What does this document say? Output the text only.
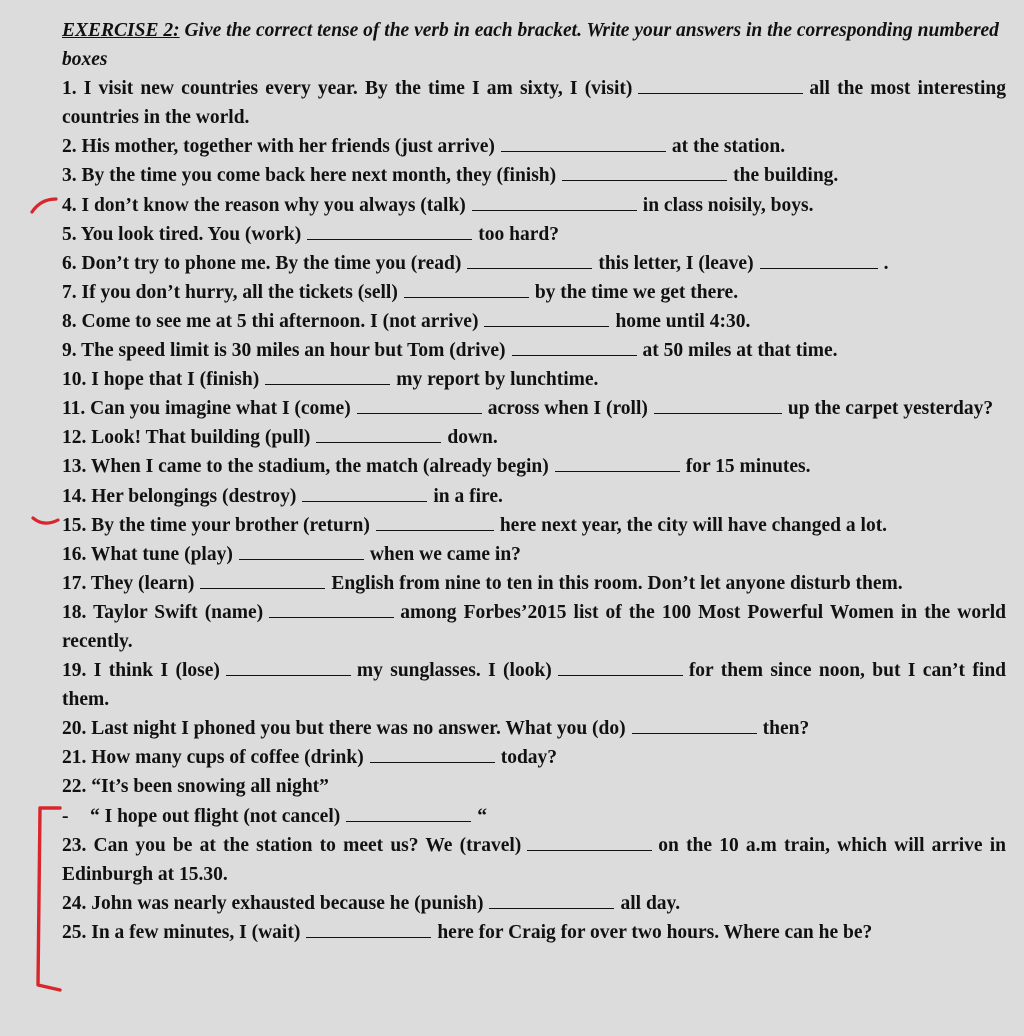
EXERCISE 2: Give the correct tense of the verb in each bracket. Write your answers in the corresponding numbered boxes
1. I visit new countries every year. By the time I am sixty, I (visit)	all the most interesting countries in the world.
2. His mother, together with her friends (just arrive)	at the station.
3. By the time you come back here next month, they (finish)	the building.
4. I don’t know the reason why you always (talk)	in class noisily, boys.
5. You look tired. You (work)	too hard?
6. Don’t try to phone me. By the time you (read)	this letter, I (leave)	.
7. If you don’t hurry, all the tickets (sell)	by the time we get there.
8. Come to see me at 5 thi afternoon. I (not arrive)	home until 4:30.
9. The speed limit is 30 miles an hour but Tom (drive)	at 50 miles at that time.
10. I hope that I (finish)	my report by lunchtime.
11. Can you imagine what I (come)	across when I (roll)	up the carpet yesterday?
12. Look! That building (pull)	down.
13. When I came to the stadium, the match (already begin)	for 15 minutes.
14. Her belongings (destroy)	in a fire.
15. By the time your brother (return)	here next year, the city will have changed a lot.
16. What tune (play)	when we came in?
17. They (learn)	English from nine to ten in this room. Don’t let anyone disturb them.
18. Taylor Swift (name)	among Forbes’2015 list of the 100 Most Powerful Women in the world recently.
19. I think I (lose)	my sunglasses. I (look)	for them since noon, but I can’t find them.
20. Last night I phoned you but there was no answer. What you (do)	then?
21. How many cups of coffee (drink)	today?
22. “It’s been snowing all night”
- “ I hope out flight (not cancel)	“
23. Can you be at the station to meet us? We (travel)	on the 10 a.m train, which will arrive in Edinburgh at 15.30.
24. John was nearly exhausted because he (punish)	all day.
25. In a few minutes, I (wait)	here for Craig for over two hours. Where can he be?
